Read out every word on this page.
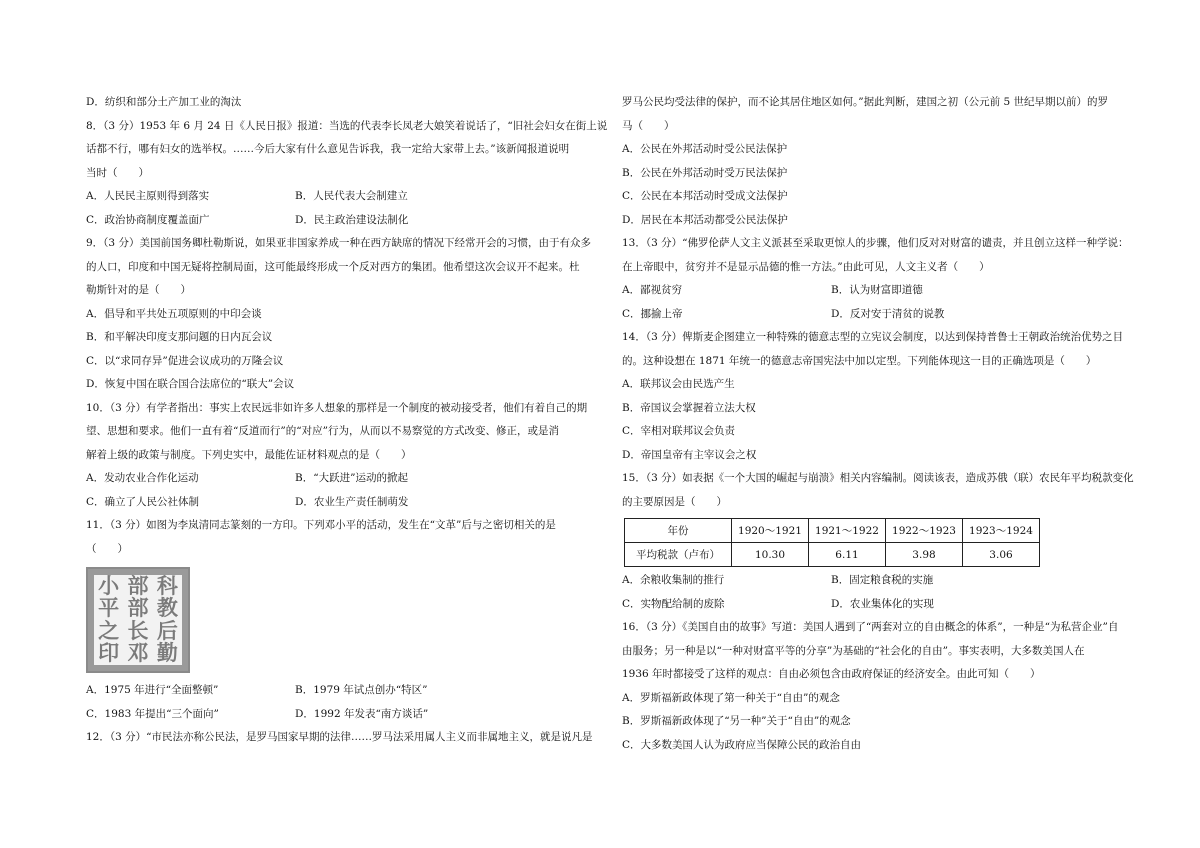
D．纺织和部分土产加工业的淘汰
8．（3 分）1953 年 6 月 24 日《人民日报》报道：当选的代表李长凤老大娘笑着说话了，“旧社会妇女在街上说
话都不行，哪有妇女的选举权。……今后大家有什么意见告诉我，我一定给大家带上去。”该新闻报道说明
当时（　　）
A．人民民主原则得到落实	B．人民代表大会制建立
C．政治协商制度覆盖面广	D．民主政治建设法制化
9．（3 分）美国前国务卿杜勒斯说，如果亚非国家养成一种在西方缺席的情况下经常开会的习惯，由于有众多
的人口，印度和中国无疑将控制局面，这可能最终形成一个反对西方的集团。他希望这次会议开不起来。杜
勒斯针对的是（　　）
A．倡导和平共处五项原则的中印会谈
B．和平解决印度支那问题的日内瓦会议
C．以“求同存异”促进会议成功的万隆会议
D．恢复中国在联合国合法席位的“联大”会议
10．（3 分）有学者指出：事实上农民远非如许多人想象的那样是一个制度的被动接受者，他们有着自己的期
望、思想和要求。他们一直有着“反道而行”的“对应”行为，从而以不易察觉的方式改变、修正，或是消
解着上级的政策与制度。下列史实中，最能佐证材料观点的是（　　）
A．发动农业合作化运动	B．“大跃进”运动的掀起
C．确立了人民公社体制	D．农业生产责任制萌发
11．（3 分）如图为李岚清同志篆刻的一方印。下列邓小平的活动，发生在“文革”后与之密切相关的是
（　　）
小
平
之
印
部
部
长
邓
科
教
后
勤
A．1975 年进行“全面整顿”	B．1979 年试点创办“特区”
C．1983 年提出“三个面向”	D．1992 年发表“南方谈话”
12．（3 分）“市民法亦称公民法，是罗马国家早期的法律……罗马法采用属人主义而非属地主义，就是说凡是
罗马公民均受法律的保护，而不论其居住地区如何。”据此判断，建国之初（公元前 5 世纪早期以前）的罗
马（　　）
A．公民在外邦活动时受公民法保护
B．公民在外邦活动时受万民法保护
C．公民在本邦活动时受成文法保护
D．居民在本邦活动都受公民法保护
13．（3 分）“佛罗伦萨人文主义派甚至采取更惊人的步骤，他们反对对财富的谴责，并且创立这样一种学说：
在上帝眼中，贫穷并不是显示品德的惟一方法。”由此可见，人文主义者（　　）
A．鄙视贫穷	B．认为财富即道德
C．挪揄上帝	D．反对安于清贫的说教
14．（3 分）俾斯麦企图建立一种特殊的德意志型的立宪议会制度，以达到保持普鲁士王朝政治统治优势之目
的。这种设想在 1871 年统一的德意志帝国宪法中加以定型。下列能体现这一目的正确选项是（　　）
A．联邦议会由民选产生
B．帝国议会掌握着立法大权
C．宰相对联邦议会负责
D．帝国皇帝有主宰议会之权
15．（3 分）如表据《一个大国的崛起与崩溃》相关内容编制。阅读该表，造成苏俄（联）农民年平均税款变化
的主要原因是（　　）
年份	1920～1921	1921～1922	1922～1923	1923～1924
平均税款（卢布）	10.30	6.11	3.98	3.06
A．余粮收集制的推行	B．固定粮食税的实施
C．实物配给制的废除	D．农业集体化的实现
16．（3 分）《美国自由的故事》写道：美国人遇到了“两套对立的自由概念的体系”，一种是“为私营企业”自
由服务；另一种是以“一种对财富平等的分享”为基础的“社会化的自由”。事实表明，大多数美国人在
1936 年时都接受了这样的观点：自由必须包含由政府保证的经济安全。由此可知（　　）
A．罗斯福新政体现了第一种关于“自由”的观念
B．罗斯福新政体现了“另一种”关于“自由”的观念
C．大多数美国人认为政府应当保障公民的政治自由
